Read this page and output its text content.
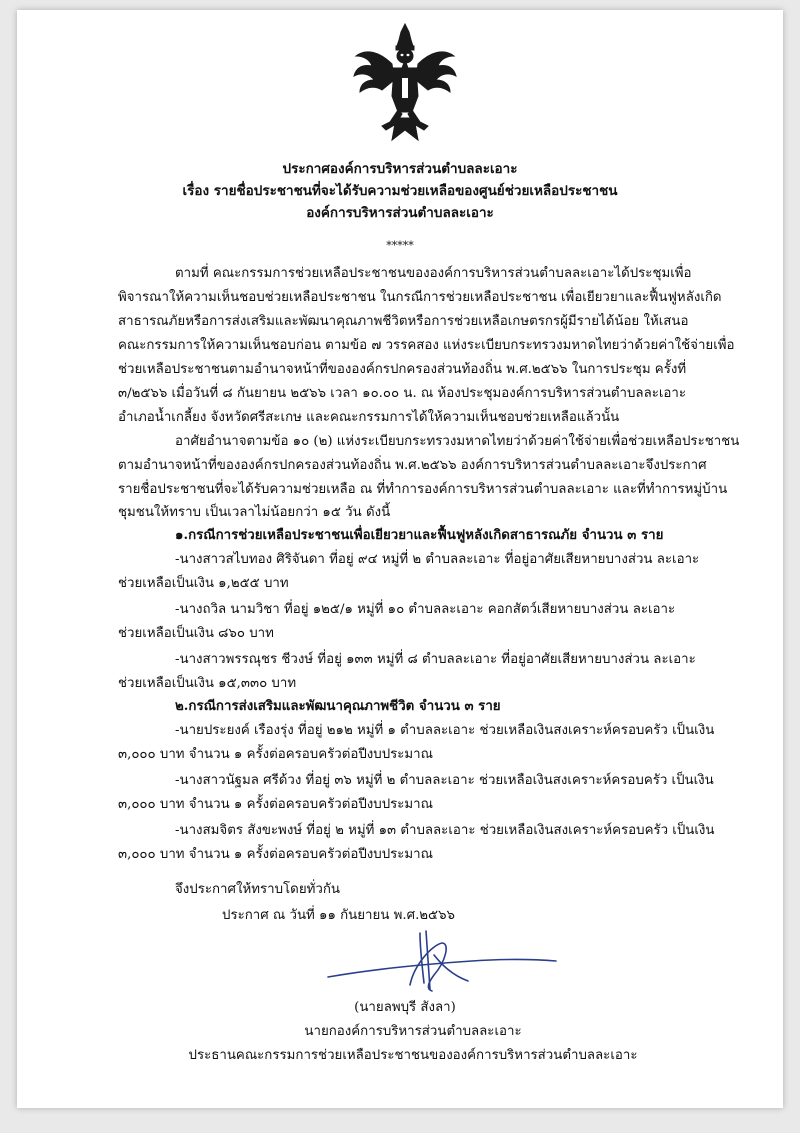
ประกาศองค์การบริหารส่วนตำบลละเอาะ
เรื่อง รายชื่อประชาชนที่จะได้รับความช่วยเหลือของศูนย์ช่วยเหลือประชาชน
องค์การบริหารส่วนตำบลละเอาะ
*****
ตามที่ คณะกรรมการช่วยเหลือประชาชนขององค์การบริหารส่วนตำบลละเอาะได้ประชุมเพื่อ
พิจารณาให้ความเห็นชอบช่วยเหลือประชาชน ในกรณีการช่วยเหลือประชาชน เพื่อเยียวยาและฟื้นฟูหลังเกิด
สาธารณภัยหรือการส่งเสริมและพัฒนาคุณภาพชีวิตหรือการช่วยเหลือเกษตรกรผู้มีรายได้น้อย ให้เสนอ
คณะกรรมการให้ความเห็นชอบก่อน ตามข้อ ๗ วรรคสอง แห่งระเบียบกระทรวงมหาดไทยว่าด้วยค่าใช้จ่ายเพื่อ
ช่วยเหลือประชาชนตามอำนาจหน้าที่ขององค์กรปกครองส่วนท้องถิ่น พ.ศ.๒๕๖๖ ในการประชุม ครั้งที่
๓/๒๕๖๖ เมื่อวันที่ ๘ กันยายน ๒๕๖๖ เวลา ๑๐.๐๐ น. ณ ห้องประชุมองค์การบริหารส่วนตำบลละเอาะ
อำเภอน้ำเกลี้ยง จังหวัดศรีสะเกษ และคณะกรรมการได้ให้ความเห็นชอบช่วยเหลือแล้วนั้น
อาศัยอำนาจตามข้อ ๑๐ (๒) แห่งระเบียบกระทรวงมหาดไทยว่าด้วยค่าใช้จ่ายเพื่อช่วยเหลือประชาชน
ตามอำนาจหน้าที่ขององค์กรปกครองส่วนท้องถิ่น พ.ศ.๒๕๖๖ องค์การบริหารส่วนตำบลละเอาะจึงประกาศ
รายชื่อประชาชนที่จะได้รับความช่วยเหลือ ณ ที่ทำการองค์การบริหารส่วนตำบลละเอาะ และที่ทำการหมู่บ้าน
ชุมชนให้ทราบ เป็นเวลาไม่น้อยกว่า ๑๕ วัน ดังนี้
๑.กรณีการช่วยเหลือประชาชนเพื่อเยียวยาและฟื้นฟูหลังเกิดสาธารณภัย จำนวน ๓ ราย
-นางสาวสไบทอง ศิริจันดา ที่อยู่ ๙๔ หมู่ที่ ๒ ตำบลละเอาะ ที่อยู่อาศัยเสียหายบางส่วน ละเอาะ
ช่วยเหลือเป็นเงิน ๑,๒๕๕ บาท
-นางถวิล นามวิชา ที่อยู่ ๑๒๕/๑ หมู่ที่ ๑๐ ตำบลละเอาะ คอกสัตว์เสียหายบางส่วน ละเอาะ
ช่วยเหลือเป็นเงิน ๘๖๐ บาท
-นางสาวพรรณุชร ชีวงษ์ ที่อยู่ ๑๓๓ หมู่ที่ ๘ ตำบลละเอาะ ที่อยู่อาศัยเสียหายบางส่วน ละเอาะ
ช่วยเหลือเป็นเงิน ๑๕,๓๓๐ บาท
๒.กรณีการส่งเสริมและพัฒนาคุณภาพชีวิต จำนวน ๓ ราย
-นายประยงค์ เรืองรุ่ง ที่อยู่ ๒๑๒ หมู่ที่ ๑ ตำบลละเอาะ ช่วยเหลือเงินสงเคราะห์ครอบครัว เป็นเงิน
๓,๐๐๐ บาท จำนวน ๑ ครั้งต่อครอบครัวต่อปีงบประมาณ
-นางสาวนัฐมล ศรีด้วง ที่อยู่ ๓๖ หมู่ที่ ๒ ตำบลละเอาะ ช่วยเหลือเงินสงเคราะห์ครอบครัว เป็นเงิน
๓,๐๐๐ บาท จำนวน ๑ ครั้งต่อครอบครัวต่อปีงบประมาณ
-นางสมจิตร สังขะพงษ์ ที่อยู่ ๒ หมู่ที่ ๑๓ ตำบลละเอาะ ช่วยเหลือเงินสงเคราะห์ครอบครัว เป็นเงิน
๓,๐๐๐ บาท จำนวน ๑ ครั้งต่อครอบครัวต่อปีงบประมาณ
จึงประกาศให้ทราบโดยทั่วกัน
ประกาศ ณ วันที่ ๑๑ กันยายน พ.ศ.๒๕๖๖
(นายลพบุรี สังลา)
นายกองค์การบริหารส่วนตำบลละเอาะ
ประธานคณะกรรมการช่วยเหลือประชาชนขององค์การบริหารส่วนตำบลละเอาะ
